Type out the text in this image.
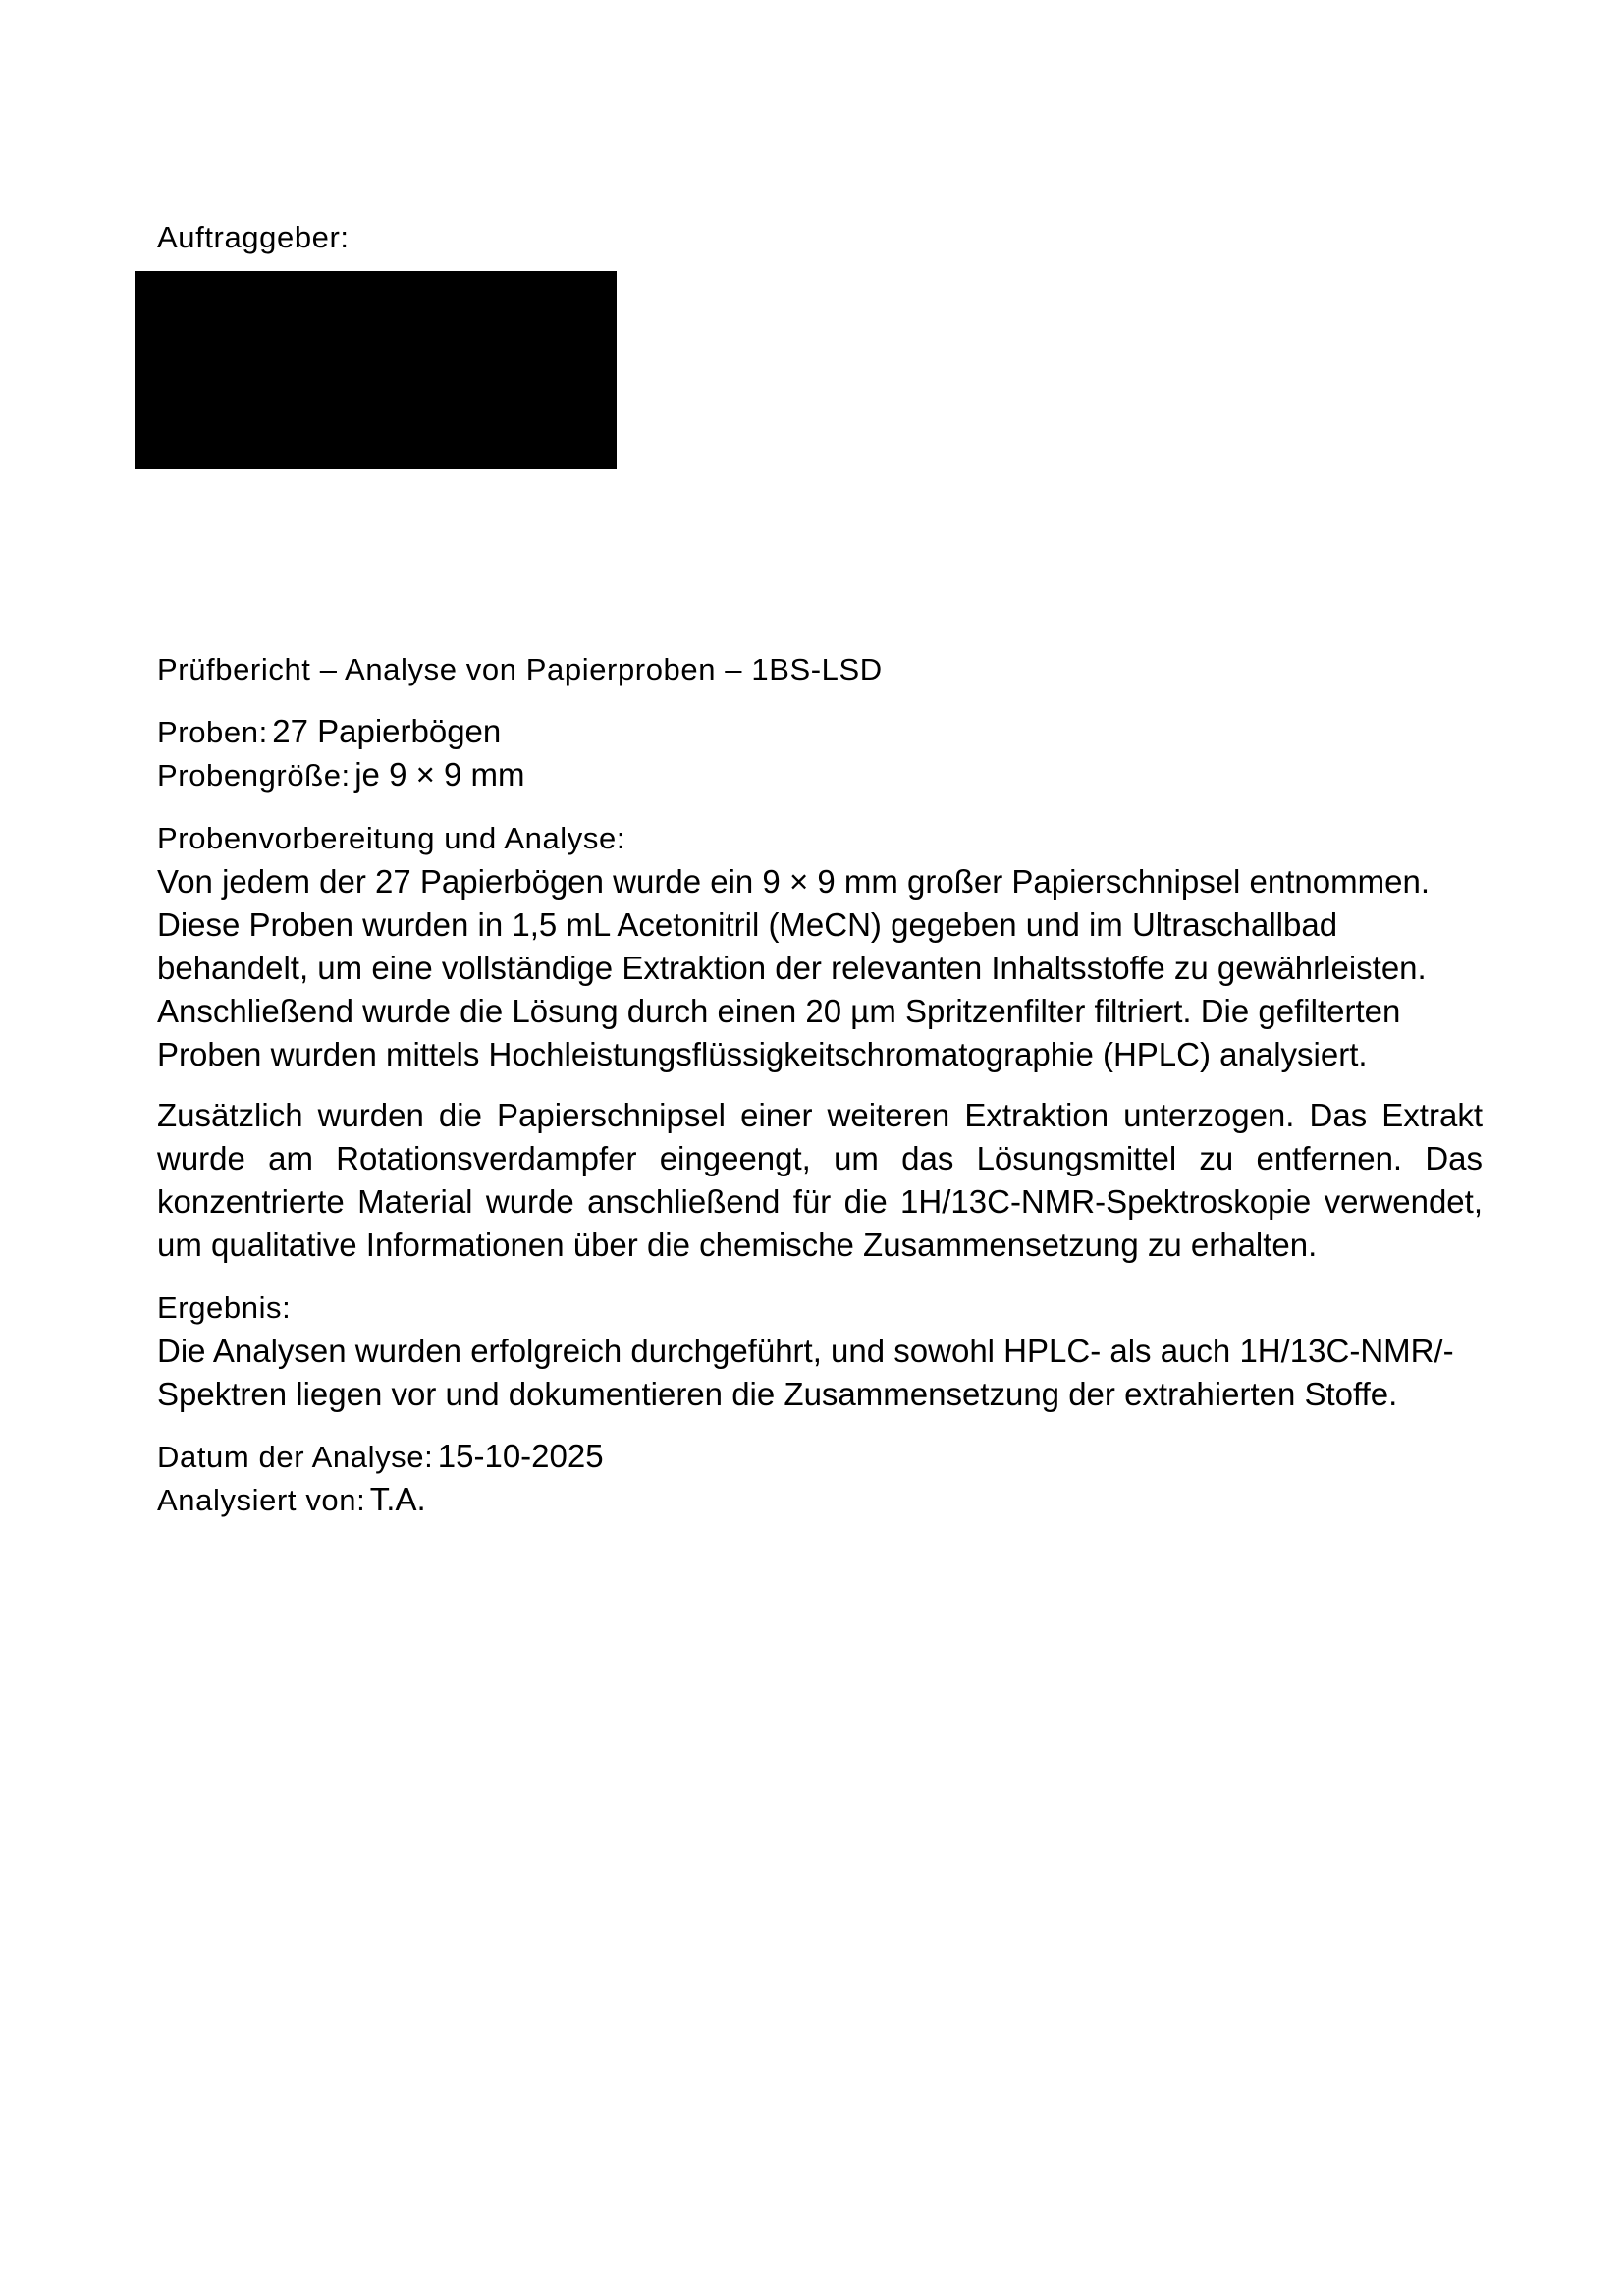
Auftraggeber:
Prüfbericht – Analyse von Papierproben – 1BS-LSD
Proben: 27 Papierbögen
Probengröße: je 9 × 9 mm
Probenvorbereitung und Analyse:

Von jedem der 27 Papierbögen wurde ein 9 × 9 mm großer Papierschnipsel entnommen. Diese Proben wurden in 1,5 mL Acetonitril (MeCN) gegeben und im Ultraschallbad behandelt, um eine vollständige Extraktion der relevanten Inhaltsstoffe zu gewährleisten. Anschließend wurde die Lösung durch einen 20 µm Spritzenfilter filtriert. Die gefilterten Proben wurden mittels Hochleistungsflüssigkeitschromatographie (HPLC) analysiert.

Zusätzlich wurden die Papierschnipsel einer weiteren Extraktion unterzogen. Das Extrakt wurde am Rotationsverdampfer eingeengt, um das Lösungsmittel zu entfernen. Das konzentrierte Material wurde anschließend für die 1H/13C-NMR-Spektroskopie verwendet, um qualitative Informationen über die chemische Zusammensetzung zu erhalten.

Ergebnis:

Die Analysen wurden erfolgreich durchgeführt, und sowohl HPLC- als auch 1H/13C-NMR/-Spektren liegen vor und dokumentieren die Zusammensetzung der extrahierten Stoffe.

Datum der Analyse: 15-10-2025
Analysiert von: T.A.
